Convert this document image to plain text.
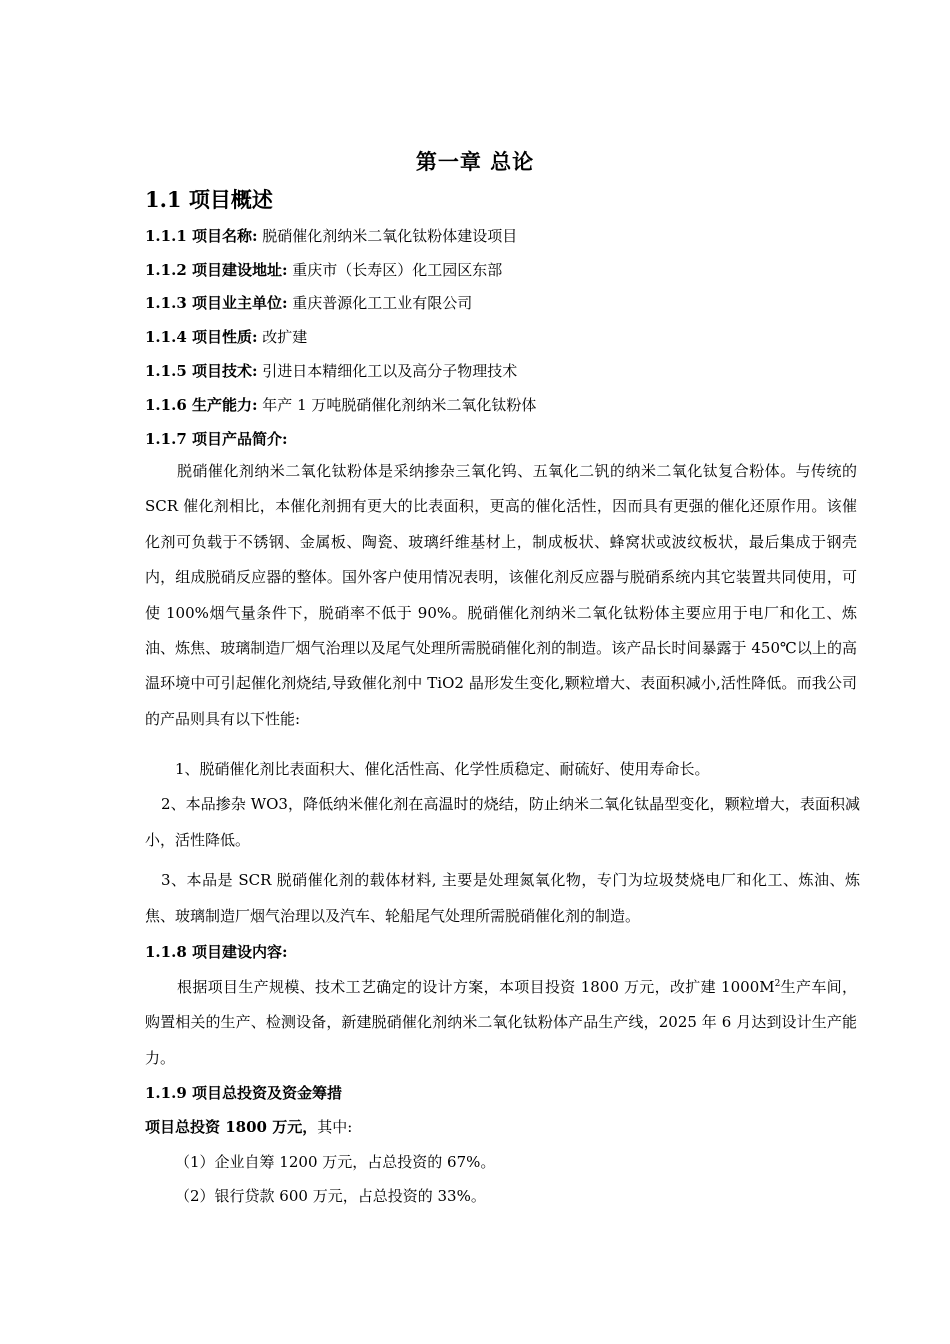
第一章 总论
1.1 项目概述
1.1.1 项目名称: 脱硝催化剂纳米二氧化钛粉体建设项目
1.1.2 项目建设地址: 重庆市（长寿区）化工园区东部
1.1.3 项目业主单位: 重庆普源化工工业有限公司
1.1.4 项目性质: 改扩建
1.1.5 项目技术: 引进日本精细化工以及高分子物理技术
1.1.6 生产能力: 年产 1 万吨脱硝催化剂纳米二氧化钛粉体
1.1.7 项目产品简介:

脱硝催化剂纳米二氧化钛粉体是采纳掺杂三氧化钨、五氧化二钒的纳米二氧化钛复合粉体。与传统的 SCR 催化剂相比，本催化剂拥有更大的比表面积，更高的催化活性，因而具有更强的催化还原作用。该催化剂可负载于不锈钢、金属板、陶瓷、玻璃纤维基材上，制成板状、蜂窝状或波纹板状，最后集成于钢壳内，组成脱硝反应器的整体。国外客户使用情况表明，该催化剂反应器与脱硝系统内其它装置共同使用，可使 100%烟气量条件下，脱硝率不低于 90%。脱硝催化剂纳米二氧化钛粉体主要应用于电厂和化工、炼油、炼焦、玻璃制造厂烟气治理以及尾气处理所需脱硝催化剂的制造。该产品长时间暴露于 450℃以上的高温环境中可引起催化剂烧结,导致催化剂中 TiO2 晶形发生变化,颗粒增大、表面积减小,活性降低。而我公司的产品则具有以下性能:

1、脱硝催化剂比表面积大、催化活性高、化学性质稳定、耐硫好、使用寿命长。

2、本品掺杂 WO3，降低纳米催化剂在高温时的烧结，防止纳米二氧化钛晶型变化，颗粒增大，表面积减小，活性降低。

3、本品是 SCR 脱硝催化剂的载体材料, 主要是处理氮氧化物，专门为垃圾焚烧电厂和化工、炼油、炼焦、玻璃制造厂烟气治理以及汽车、轮船尾气处理所需脱硝催化剂的制造。

1.1.8 项目建设内容:

根据项目生产规模、技术工艺确定的设计方案，本项目投资 1800 万元，改扩建 $1000M^2$生产车间，购置相关的生产、检测设备，新建脱硝催化剂纳米二氧化钛粉体产品生产线，2025 年 6 月达到设计生产能力。

1.1.9 项目总投资及资金筹措
项目总投资 1800 万元，其中:
（1）企业自筹 1200 万元，占总投资的 67%。
（2）银行贷款 600 万元，占总投资的 33%。
